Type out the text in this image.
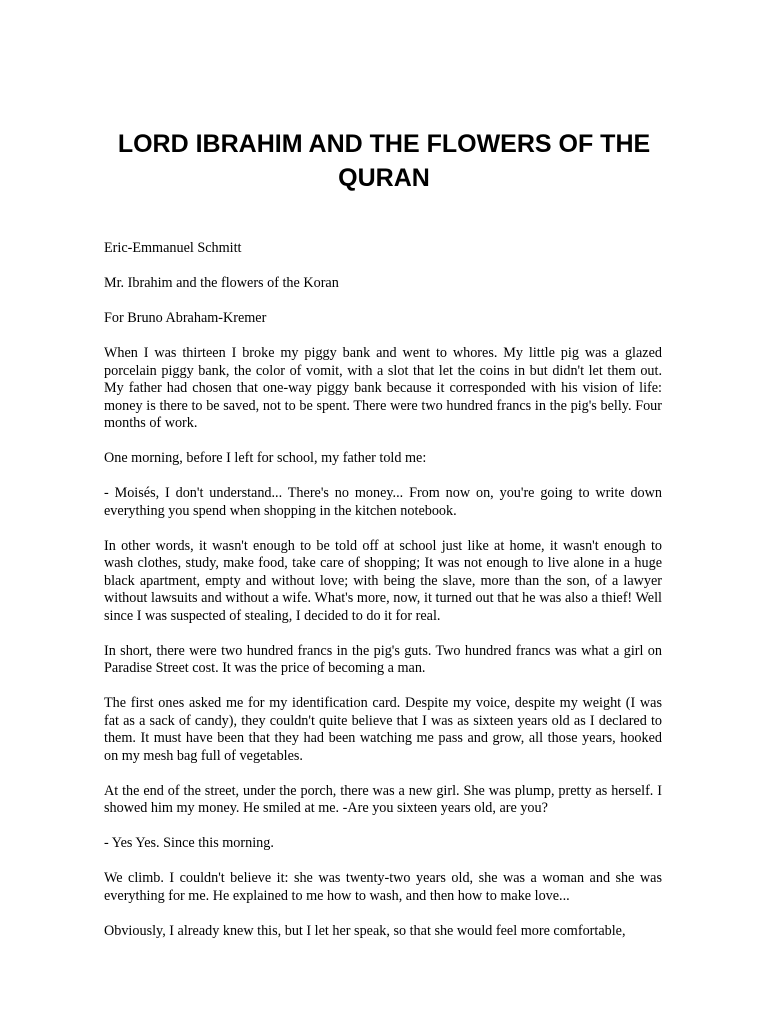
LORD IBRAHIM AND THE FLOWERS OF THE QURAN

Eric-Emmanuel Schmitt

Mr. Ibrahim and the flowers of the Koran

For Bruno Abraham-Kremer

When I was thirteen I broke my piggy bank and went to whores. My little pig was a glazed porcelain piggy bank, the color of vomit, with a slot that let the coins in but didn't let them out. My father had chosen that one-way piggy bank because it corresponded with his vision of life: money is there to be saved, not to be spent. There were two hundred francs in the pig's belly. Four months of work.

One morning, before I left for school, my father told me:

- Moisés, I don't understand... There's no money... From now on, you're going to write down everything you spend when shopping in the kitchen notebook.

In other words, it wasn't enough to be told off at school just like at home, it wasn't enough to wash clothes, study, make food, take care of shopping; It was not enough to live alone in a huge black apartment, empty and without love; with being the slave, more than the son, of a lawyer without lawsuits and without a wife. What's more, now, it turned out that he was also a thief! Well since I was suspected of stealing, I decided to do it for real.

In short, there were two hundred francs in the pig's guts. Two hundred francs was what a girl on Paradise Street cost. It was the price of becoming a man.

The first ones asked me for my identification card. Despite my voice, despite my weight (I was fat as a sack of candy), they couldn't quite believe that I was as sixteen years old as I declared to them. It must have been that they had been watching me pass and grow, all those years, hooked on my mesh bag full of vegetables.

At the end of the street, under the porch, there was a new girl. She was plump, pretty as herself. I showed him my money. He smiled at me. -Are you sixteen years old, are you?

- Yes Yes. Since this morning.

We climb. I couldn't believe it: she was twenty-two years old, she was a woman and she was everything for me. He explained to me how to wash, and then how to make love...

Obviously, I already knew this, but I let her speak, so that she would feel more comfortable,
